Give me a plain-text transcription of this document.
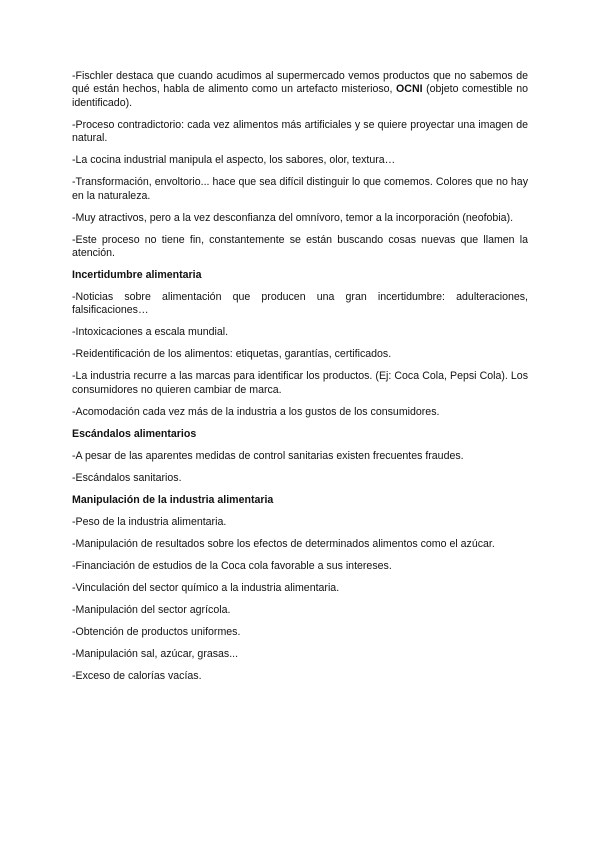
-Fischler destaca que cuando acudimos al supermercado vemos productos que no sabemos de qué están hechos, habla de alimento como un artefacto misterioso, OCNI (objeto comestible no identificado).

-Proceso contradictorio: cada vez alimentos más artificiales y se quiere proyectar una imagen de natural.

-La cocina industrial manipula el aspecto, los sabores, olor, textura…

-Transformación, envoltorio... hace que sea difícil distinguir lo que comemos. Colores que no hay en la naturaleza.

-Muy atractivos, pero a la vez desconfianza del omnívoro, temor a la incorporación (neofobia).

-Este proceso no tiene fin, constantemente se están buscando cosas nuevas que llamen la atención.

Incertidumbre alimentaria

-Noticias sobre alimentación que producen una gran incertidumbre: adulteraciones, falsificaciones…

-Intoxicaciones a escala mundial.

-Reidentificación de los alimentos: etiquetas, garantías, certificados.

-La industria recurre a las marcas para identificar los productos. (Ej: Coca Cola, Pepsi Cola). Los consumidores no quieren cambiar de marca.

-Acomodación cada vez más de la industria a los gustos de los consumidores.

Escándalos alimentarios

-A pesar de las aparentes medidas de control sanitarias existen frecuentes fraudes.

-Escándalos sanitarios.

Manipulación de la industria alimentaria

-Peso de la industria alimentaria.

-Manipulación de resultados sobre los efectos de determinados alimentos como el azúcar.

-Financiación de estudios de la Coca cola favorable a sus intereses.

-Vinculación del sector químico a la industria alimentaria.

-Manipulación del sector agrícola.

-Obtención de productos uniformes.

-Manipulación sal, azúcar, grasas...

-Exceso de calorías vacías.
